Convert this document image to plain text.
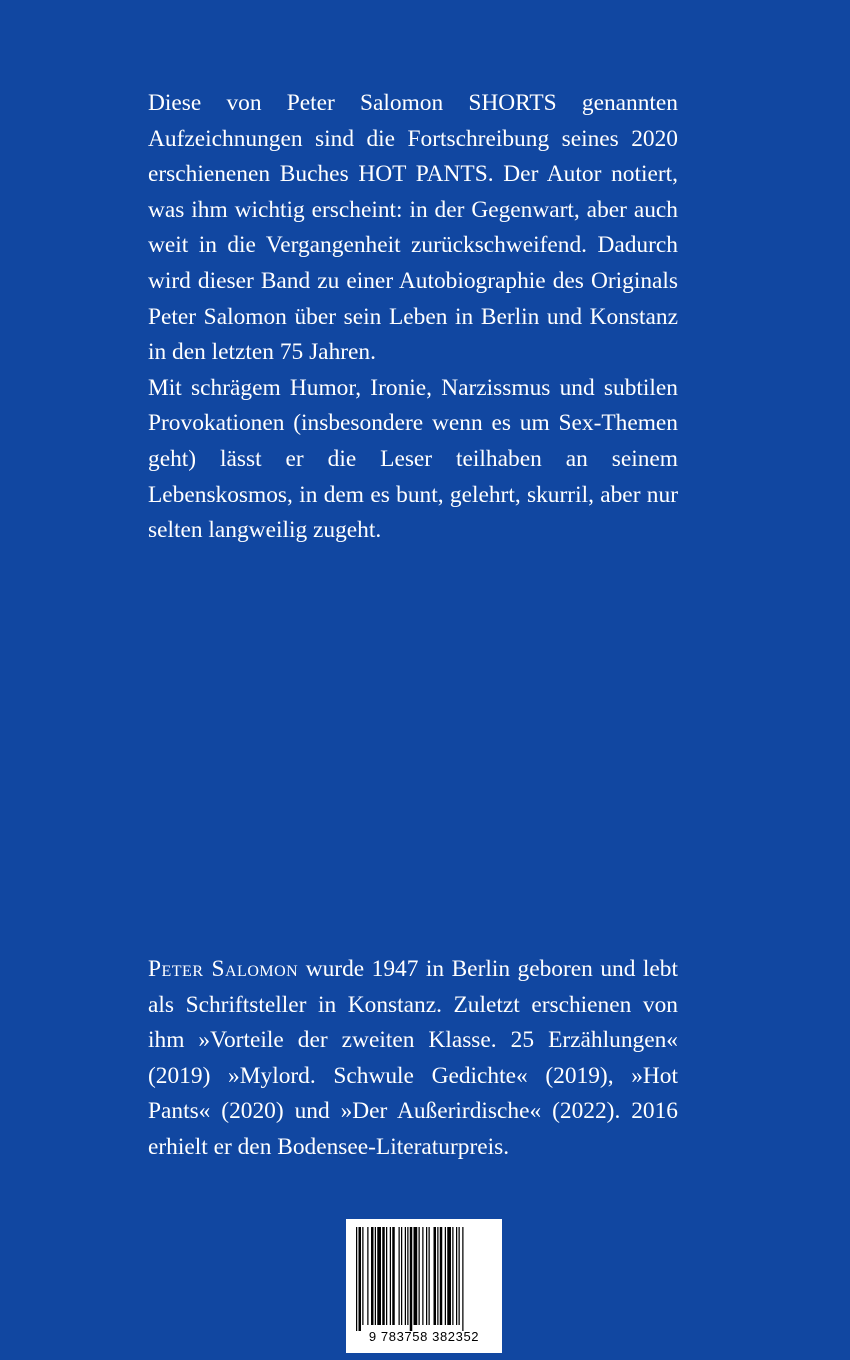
Diese von Peter Salomon SHORTS genannten Aufzeichnungen sind die Fortschreibung seines 2020 erschienenen Buches HOT PANTS. Der Autor notiert, was ihm wichtig erscheint: in der Gegenwart, aber auch weit in die Vergangenheit zurückschweifend. Dadurch wird dieser Band zu einer Autobiographie des Originals Peter Salomon über sein Leben in Berlin und Konstanz in den letzten 75 Jahren.

Mit schrägem Humor, Ironie, Narzissmus und subtilen Provokationen (insbesondere wenn es um Sex-Themen geht) lässt er die Leser teilhaben an seinem Lebenskosmos, in dem es bunt, gelehrt, skurril, aber nur selten langweilig zugeht.

Peter Salomon wurde 1947 in Berlin geboren und lebt als Schriftsteller in Konstanz. Zuletzt erschienen von ihm »Vorteile der zweiten Klasse. 25 Erzählungen« (2019) »Mylord. Schwule Gedichte« (2019), »Hot Pants« (2020) und »Der Außerirdische« (2022). 2016 erhielt er den Bodensee-Literaturpreis.
9 783758 382352
